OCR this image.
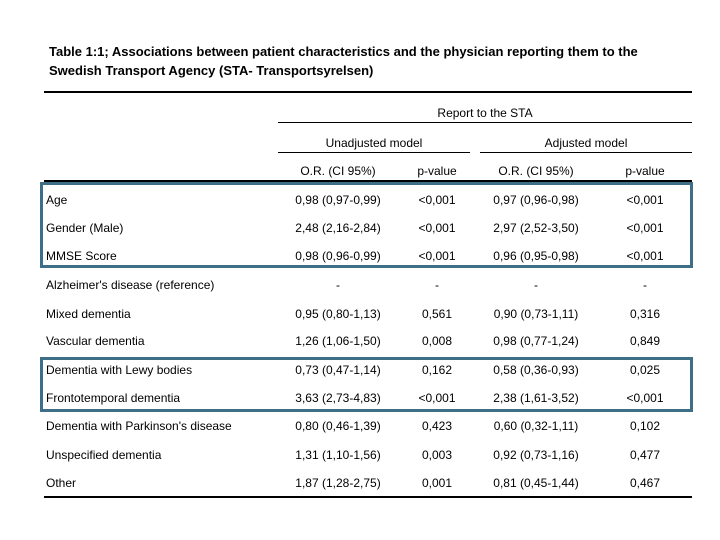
Table 1:1; Associations between patient characteristics and the physician reporting them to the Swedish Transport Agency (STA- Transportsyrelsen)
Report to the STA
Unadjusted model	Adjusted model
O.R. (CI 95%)	p-value	O.R. (CI 95%)	p-value
Age	0,98 (0,97-0,99)	<0,001	0,97 (0,96-0,98)	<0,001
Gender (Male)	2,48 (2,16-2,84)	<0,001	2,97 (2,52-3,50)	<0,001
MMSE Score	0,98 (0,96-0,99)	<0,001	0,96 (0,95-0,98)	<0,001
Alzheimer's disease (reference)	-	-	-	-
Mixed dementia	0,95 (0,80-1,13)	0,561	0,90 (0,73-1,11)	0,316
Vascular dementia	1,26 (1,06-1,50)	0,008	0,98 (0,77-1,24)	0,849
Dementia with Lewy bodies	0,73 (0,47-1,14)	0,162	0,58 (0,36-0,93)	0,025
Frontotemporal dementia	3,63 (2,73-4,83)	<0,001	2,38 (1,61-3,52)	<0,001
Dementia with Parkinson's disease	0,80 (0,46-1,39)	0,423	0,60 (0,32-1,11)	0,102
Unspecified dementia	1,31 (1,10-1,56)	0,003	0,92 (0,73-1,16)	0,477
Other	1,87 (1,28-2,75)	0,001	0,81 (0,45-1,44)	0,467
